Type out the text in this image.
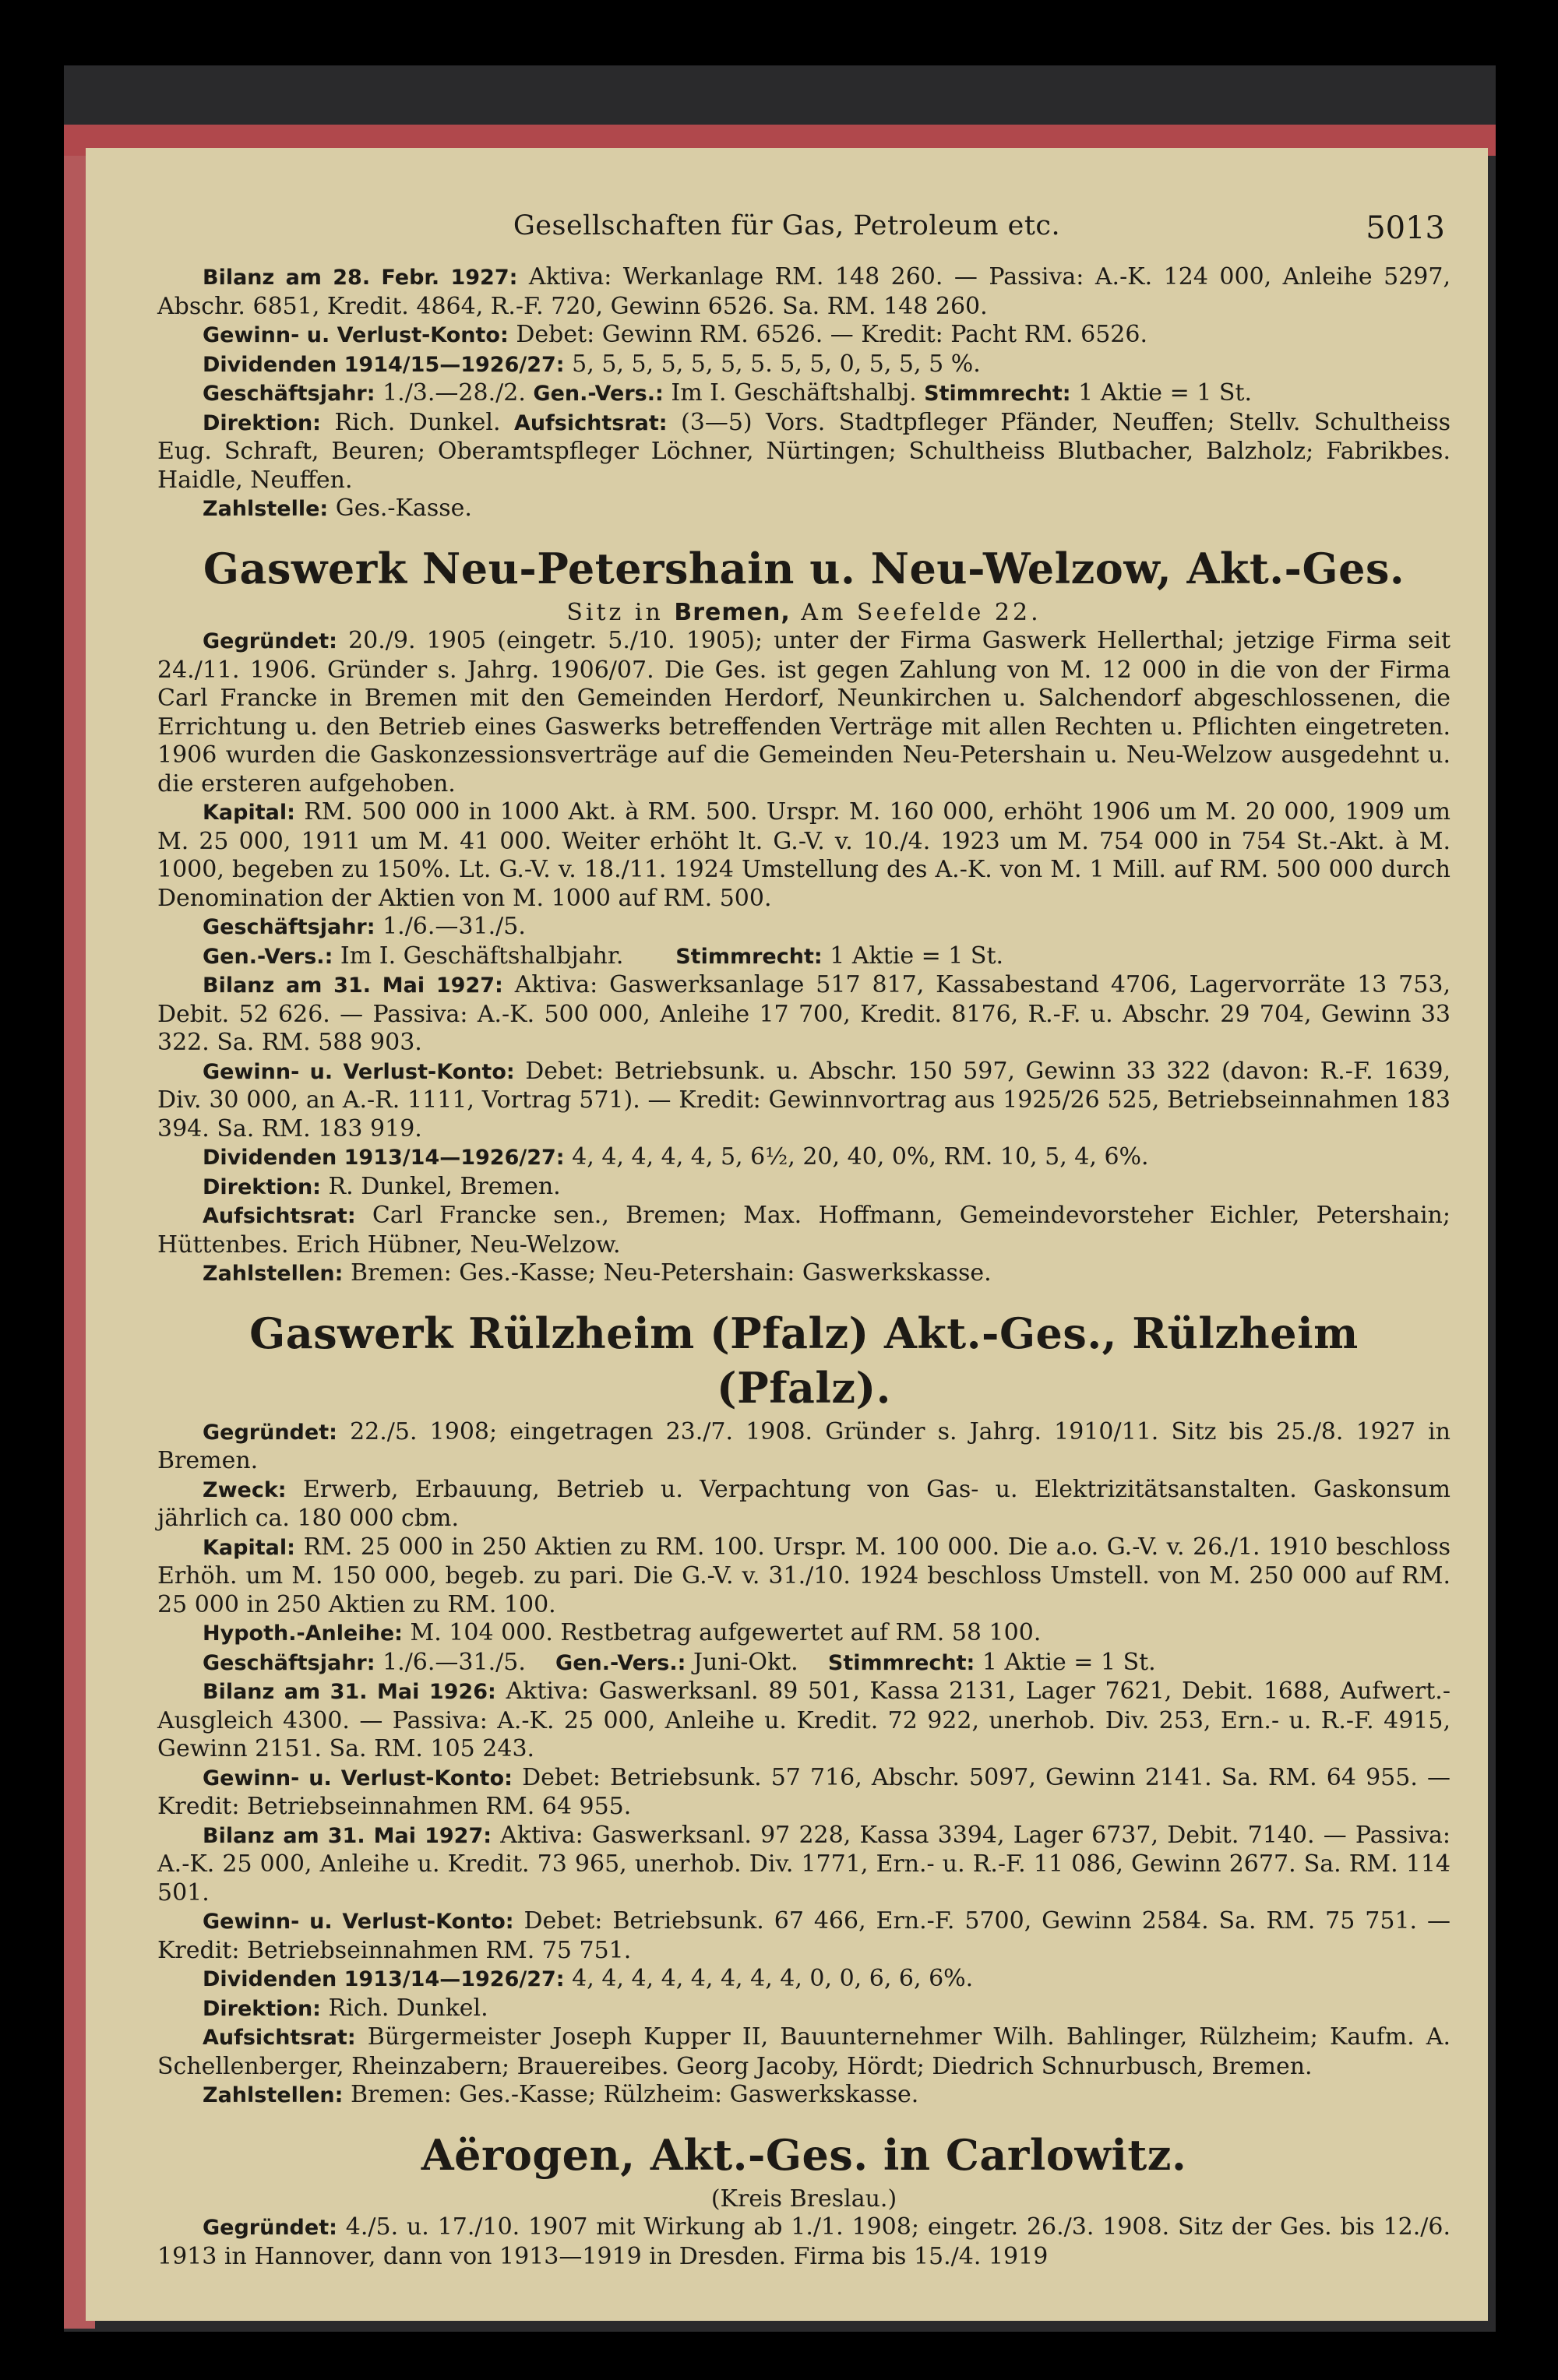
Gesellschaften für Gas, Petroleum etc.	5013

Bilanz am 28. Febr. 1927: Aktiva: Werkanlage RM. 148 260. — Passiva: A.-K. 124 000, Anleihe 5297, Abschr. 6851, Kredit. 4864, R.-F. 720, Gewinn 6526. Sa. RM. 148 260.

Gewinn- u. Verlust-Konto: Debet: Gewinn RM. 6526. — Kredit: Pacht RM. 6526.

Dividenden 1914/15—1926/27: 5, 5, 5, 5, 5, 5, 5. 5, 5, 0, 5, 5, 5 %.

Geschäftsjahr: 1./3.—28./2. Gen.-Vers.: Im I. Geschäftshalbj. Stimmrecht: 1 Aktie = 1 St.

Direktion: Rich. Dunkel. Aufsichtsrat: (3—5) Vors. Stadtpfleger Pfänder, Neuffen; Stellv. Schultheiss Eug. Schraft, Beuren; Oberamtspfleger Löchner, Nürtingen; Schultheiss Blutbacher, Balzholz; Fabrikbes. Haidle, Neuffen.

Zahlstelle: Ges.-Kasse.

Gaswerk Neu-Petershain u. Neu-Welzow, Akt.-Ges.

Sitz in Bremen, Am Seefelde 22.

Gegründet: 20./9. 1905 (eingetr. 5./10. 1905); unter der Firma Gaswerk Hellerthal; jetzige Firma seit 24./11. 1906. Gründer s. Jahrg. 1906/07. Die Ges. ist gegen Zahlung von M. 12 000 in die von der Firma Carl Francke in Bremen mit den Gemeinden Herdorf, Neunkirchen u. Salchendorf abgeschlossenen, die Errichtung u. den Betrieb eines Gaswerks betreffenden Verträge mit allen Rechten u. Pflichten eingetreten. 1906 wurden die Gaskonzessionsverträge auf die Gemeinden Neu-Petershain u. Neu-Welzow ausgedehnt u. die ersteren aufgehoben.

Kapital: RM. 500 000 in 1000 Akt. à RM. 500. Urspr. M. 160 000, erhöht 1906 um M. 20 000, 1909 um M. 25 000, 1911 um M. 41 000. Weiter erhöht lt. G.-V. v. 10./4. 1923 um M. 754 000 in 754 St.-Akt. à M. 1000, begeben zu 150%. Lt. G.-V. v. 18./11. 1924 Umstellung des A.-K. von M. 1 Mill. auf RM. 500 000 durch Denomination der Aktien von M. 1000 auf RM. 500.

Geschäftsjahr: 1./6.—31./5.

Gen.-Vers.: Im I. Geschäftshalbjahr. Stimmrecht: 1 Aktie = 1 St.

Bilanz am 31. Mai 1927: Aktiva: Gaswerksanlage 517 817, Kassabestand 4706, Lagervorräte 13 753, Debit. 52 626. — Passiva: A.-K. 500 000, Anleihe 17 700, Kredit. 8176, R.-F. u. Abschr. 29 704, Gewinn 33 322. Sa. RM. 588 903.

Gewinn- u. Verlust-Konto: Debet: Betriebsunk. u. Abschr. 150 597, Gewinn 33 322 (davon: R.-F. 1639, Div. 30 000, an A.-R. 1111, Vortrag 571). — Kredit: Gewinnvortrag aus 1925/26 525, Betriebseinnahmen 183 394. Sa. RM. 183 919.

Dividenden 1913/14—1926/27: 4, 4, 4, 4, 4, 5, 6½, 20, 40, 0%, RM. 10, 5, 4, 6%.

Direktion: R. Dunkel, Bremen.

Aufsichtsrat: Carl Francke sen., Bremen; Max. Hoffmann, Gemeindevorsteher Eichler, Petershain; Hüttenbes. Erich Hübner, Neu-Welzow.

Zahlstellen: Bremen: Ges.-Kasse; Neu-Petershain: Gaswerkskasse.

Gaswerk Rülzheim (Pfalz) Akt.-Ges., Rülzheim (Pfalz).

Gegründet: 22./5. 1908; eingetragen 23./7. 1908. Gründer s. Jahrg. 1910/11. Sitz bis 25./8. 1927 in Bremen.

Zweck: Erwerb, Erbauung, Betrieb u. Verpachtung von Gas- u. Elektrizitätsanstalten. Gaskonsum jährlich ca. 180 000 cbm.

Kapital: RM. 25 000 in 250 Aktien zu RM. 100. Urspr. M. 100 000. Die a.o. G.-V. v. 26./1. 1910 beschloss Erhöh. um M. 150 000, begeb. zu pari. Die G.-V. v. 31./10. 1924 beschloss Umstell. von M. 250 000 auf RM. 25 000 in 250 Aktien zu RM. 100.

Hypoth.-Anleihe: M. 104 000. Restbetrag aufgewertet auf RM. 58 100.

Geschäftsjahr: 1./6.—31./5. Gen.-Vers.: Juni-Okt. Stimmrecht: 1 Aktie = 1 St.

Bilanz am 31. Mai 1926: Aktiva: Gaswerksanl. 89 501, Kassa 2131, Lager 7621, Debit. 1688, Aufwert.-Ausgleich 4300. — Passiva: A.-K. 25 000, Anleihe u. Kredit. 72 922, unerhob. Div. 253, Ern.- u. R.-F. 4915, Gewinn 2151. Sa. RM. 105 243.

Gewinn- u. Verlust-Konto: Debet: Betriebsunk. 57 716, Abschr. 5097, Gewinn 2141. Sa. RM. 64 955. — Kredit: Betriebseinnahmen RM. 64 955.

Bilanz am 31. Mai 1927: Aktiva: Gaswerksanl. 97 228, Kassa 3394, Lager 6737, Debit. 7140. — Passiva: A.-K. 25 000, Anleihe u. Kredit. 73 965, unerhob. Div. 1771, Ern.- u. R.-F. 11 086, Gewinn 2677. Sa. RM. 114 501.

Gewinn- u. Verlust-Konto: Debet: Betriebsunk. 67 466, Ern.-F. 5700, Gewinn 2584. Sa. RM. 75 751. — Kredit: Betriebseinnahmen RM. 75 751.

Dividenden 1913/14—1926/27: 4, 4, 4, 4, 4, 4, 4, 4, 0, 0, 6, 6, 6%.

Direktion: Rich. Dunkel.

Aufsichtsrat: Bürgermeister Joseph Kupper II, Bauunternehmer Wilh. Bahlinger, Rülzheim; Kaufm. A. Schellenberger, Rheinzabern; Brauereibes. Georg Jacoby, Hördt; Diedrich Schnurbusch, Bremen.

Zahlstellen: Bremen: Ges.-Kasse; Rülzheim: Gaswerkskasse.

Aërogen, Akt.-Ges. in Carlowitz.

(Kreis Breslau.)

Gegründet: 4./5. u. 17./10. 1907 mit Wirkung ab 1./1. 1908; eingetr. 26./3. 1908. Sitz der Ges. bis 12./6. 1913 in Hannover, dann von 1913—1919 in Dresden. Firma bis 15./4. 1919
